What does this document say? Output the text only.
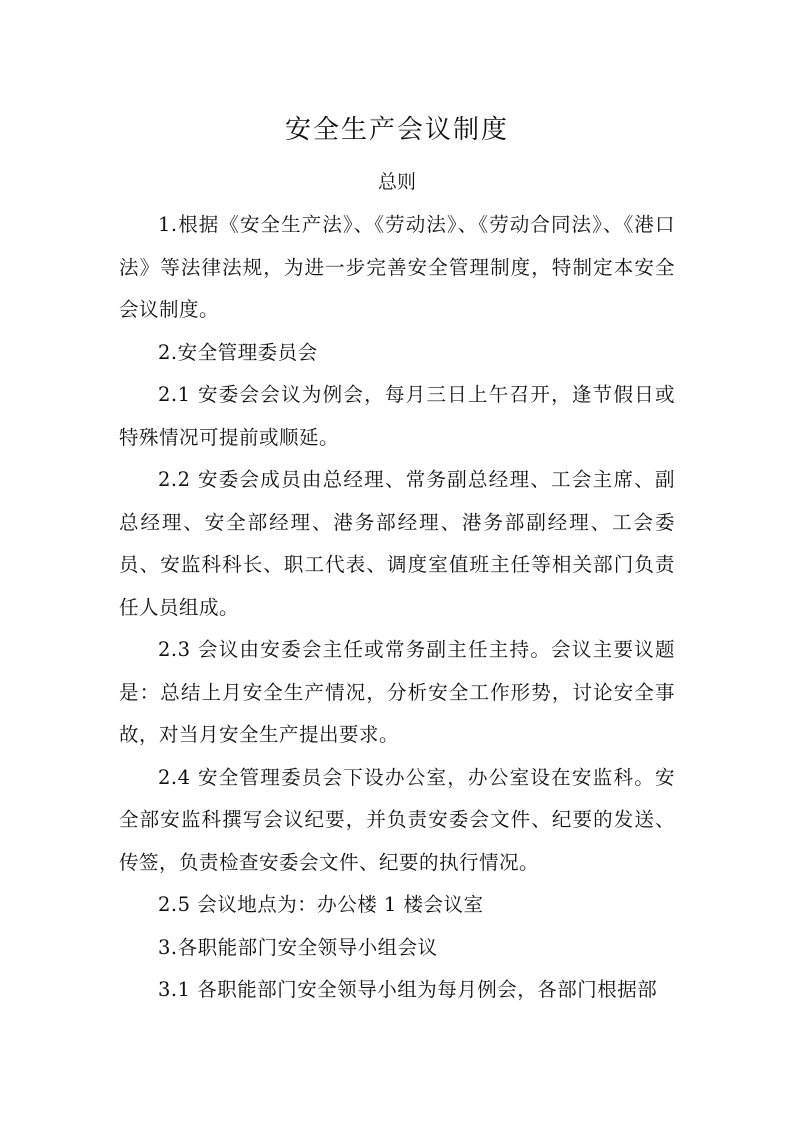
安全生产会议制度
总则

1.根据《安全生产法》、《劳动法》、《劳动合同法》、《港口法》等法律法规，为进一步完善安全管理制度，特制定本安全会议制度。

2.安全管理委员会

2.1 安委会会议为例会，每月三日上午召开，逢节假日或特殊情况可提前或顺延。

2.2 安委会成员由总经理、常务副总经理、工会主席、副总经理、安全部经理、港务部经理、港务部副经理、工会委员、安监科科长、职工代表、调度室值班主任等相关部门负责任人员组成。

2.3 会议由安委会主任或常务副主任主持。会议主要议题是：总结上月安全生产情况，分析安全工作形势，讨论安全事故，对当月安全生产提出要求。

2.4 安全管理委员会下设办公室，办公室设在安监科。安全部安监科撰写会议纪要，并负责安委会文件、纪要的发送、传签，负责检查安委会文件、纪要的执行情况。

2.5 会议地点为：办公楼 1 楼会议室

3.各职能部门安全领导小组会议

3.1 各职能部门安全领导小组为每月例会，各部门根据部
